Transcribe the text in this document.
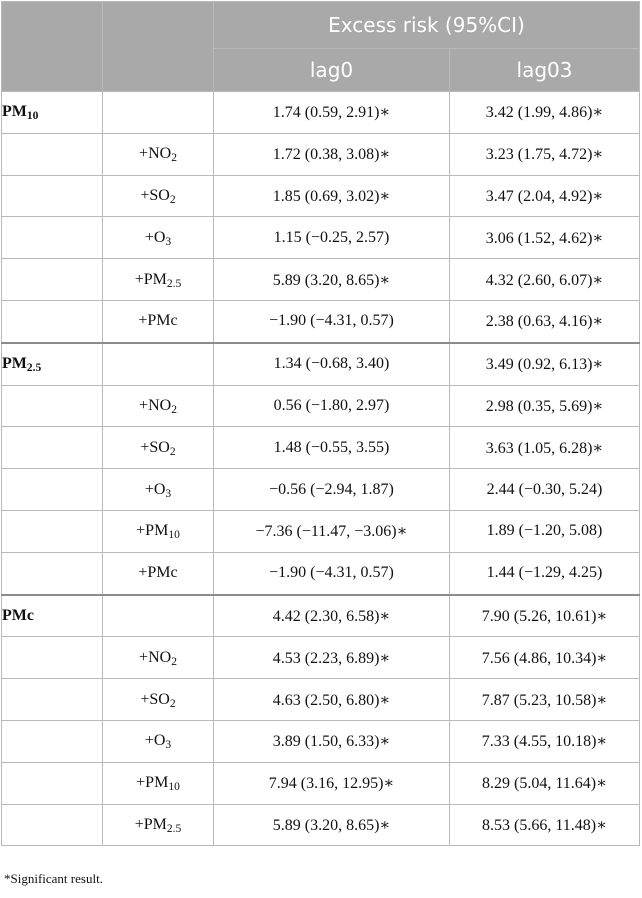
		Excess risk (95%CI)	
		lag0	lag03
$PM_{10}$		1.74 (0.59, 2.91)∗	3.42 (1.99, 4.86)∗
	$+NO_2$	1.72 (0.38, 3.08)∗	3.23 (1.75, 4.72)∗
	$+SO_2$	1.85 (0.69, 3.02)∗	3.47 (2.04, 4.92)∗
	$+O_3$	1.15 (−0.25, 2.57)	3.06 (1.52, 4.62)∗
	$+PM_{2.5}$	5.89 (3.20, 8.65)∗	4.32 (2.60, 6.07)∗
	+PMc	−1.90 (−4.31, 0.57)	2.38 (0.63, 4.16)∗
$PM_{2.5}$		1.34 (−0.68, 3.40)	3.49 (0.92, 6.13)∗
	$+NO_2$	0.56 (−1.80, 2.97)	2.98 (0.35, 5.69)∗
	$+SO_2$	1.48 (−0.55, 3.55)	3.63 (1.05, 6.28)∗
	$+O_3$	−0.56 (−2.94, 1.87)	2.44 (−0.30, 5.24)
	$+PM_{10}$	−7.36 (−11.47, −3.06)∗	1.89 (−1.20, 5.08)
	+PMc	−1.90 (−4.31, 0.57)	1.44 (−1.29, 4.25)
PMc		4.42 (2.30, 6.58)∗	7.90 (5.26, 10.61)∗
	$+NO_2$	4.53 (2.23, 6.89)∗	7.56 (4.86, 10.34)∗
	$+SO_2$	4.63 (2.50, 6.80)∗	7.87 (5.23, 10.58)∗
	$+O_3$	3.89 (1.50, 6.33)∗	7.33 (4.55, 10.18)∗
	$+PM_{10}$	7.94 (3.16, 12.95)∗	8.29 (5.04, 11.64)∗
	$+PM_{2.5}$	5.89 (3.20, 8.65)∗	8.53 (5.66, 11.48)∗
*Significant result.
